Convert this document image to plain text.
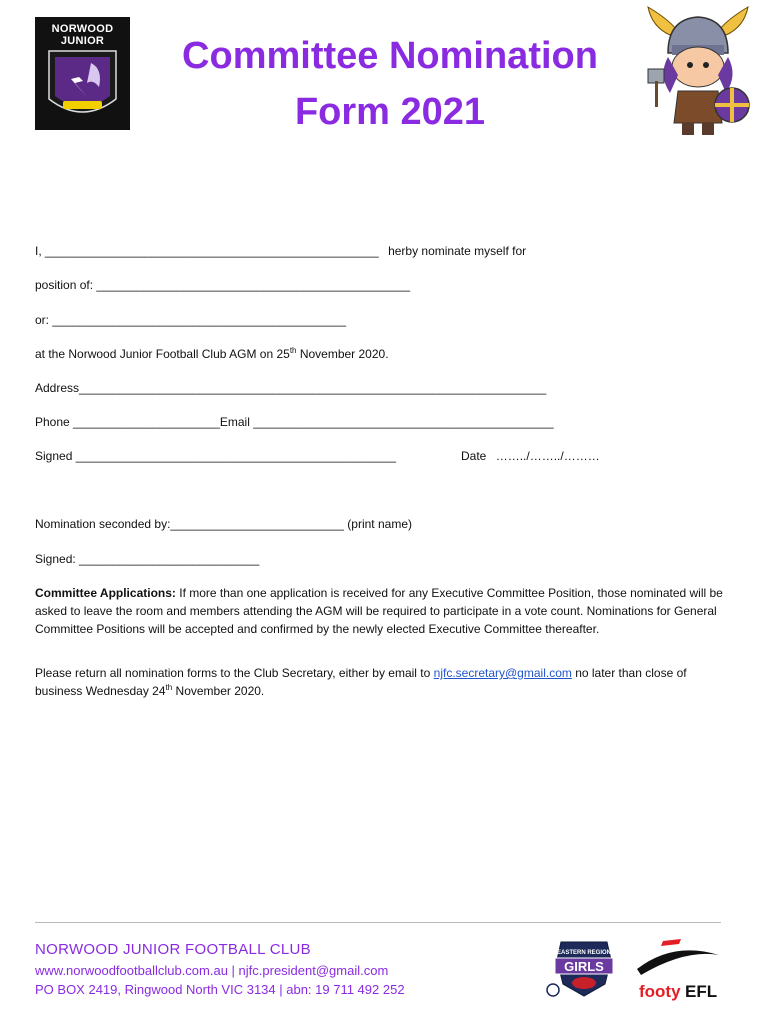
NORWOOD JUNIOR	Committee Nomination
Form 2021
I, __________________________________________________ herby nominate myself for
position of: _______________________________________________
or: ____________________________________________
at the Norwood Junior Football Club AGM on 25th November 2020.
Address______________________________________________________________________
Phone ______________________Email _____________________________________________
Signed ________________________________________________	Date ……../……../………
Nomination seconded by:__________________________ (print name)
Signed: ___________________________
Committee Applications: If more than one application is received for any Executive Committee Position, those nominated will be asked to leave the room and members attending the AGM will be required to participate in a vote count. Nominations for General Committee Positions will be accepted and confirmed by the newly elected Executive Committee thereafter.
Please return all nomination forms to the Club Secretary, either by email to njfc.secretary@gmail.com no later than close of business Wednesday 24th November 2020.
NORWOOD JUNIOR FOOTBALL CLUB
www.norwoodfootballclub.com.au | njfc.president@gmail.com
PO BOX 2419, Ringwood North VIC 3134 | abn: 19 711 492 252
EASTERN REGION
GIRLS
footy EFL
